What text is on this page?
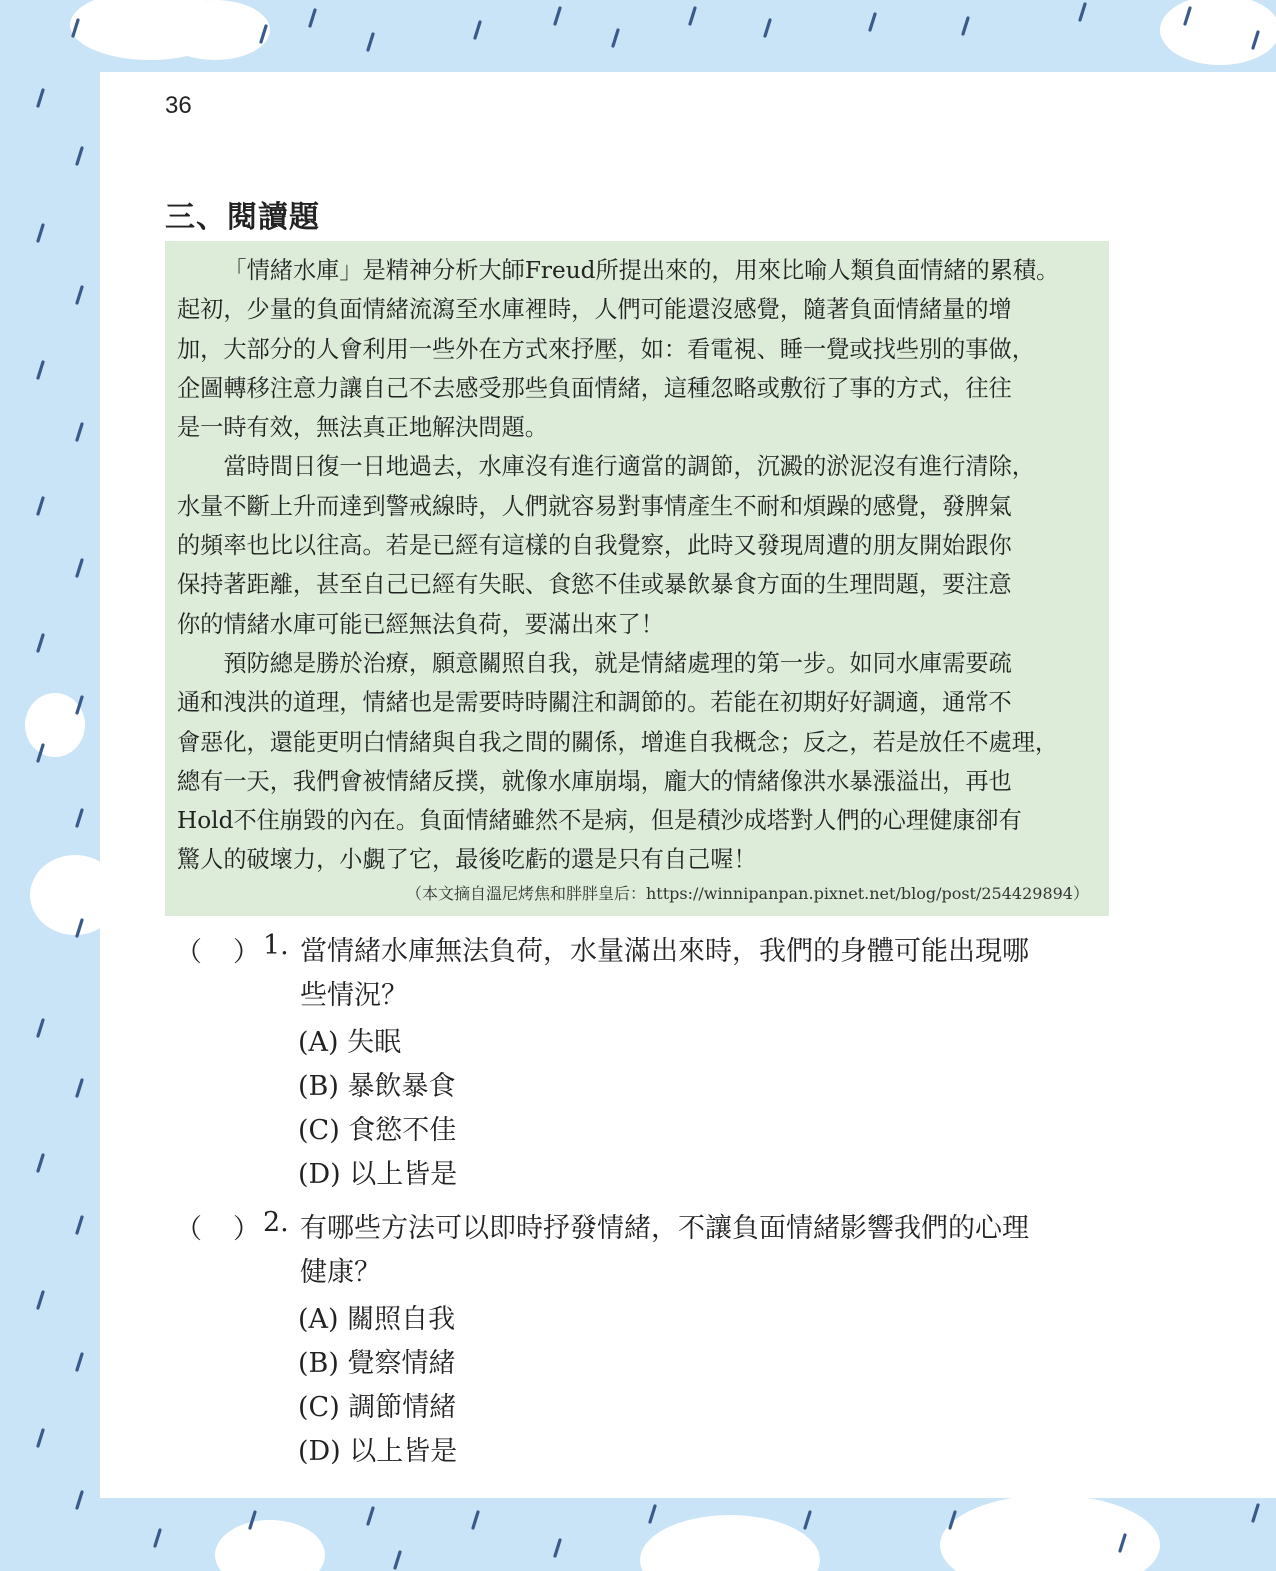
36
三、閱讀題

「情緒水庫」是精神分析大師Freud所提出來的，用來比喻人類負面情緒的累積。
起初，少量的負面情緒流瀉至水庫裡時，人們可能還沒感覺，隨著負面情緒量的增
加，大部分的人會利用一些外在方式來抒壓，如：看電視、睡一覺或找些別的事做，
企圖轉移注意力讓自己不去感受那些負面情緒，這種忽略或敷衍了事的方式，往往
是一時有效，無法真正地解決問題。

當時間日復一日地過去，水庫沒有進行適當的調節，沉澱的淤泥沒有進行清除，
水量不斷上升而達到警戒線時，人們就容易對事情產生不耐和煩躁的感覺，發脾氣
的頻率也比以往高。若是已經有這樣的自我覺察，此時又發現周遭的朋友開始跟你
保持著距離，甚至自己已經有失眠、食慾不佳或暴飲暴食方面的生理問題，要注意
你的情緒水庫可能已經無法負荷，要滿出來了！

預防總是勝於治療，願意關照自我，就是情緒處理的第一步。如同水庫需要疏
通和洩洪的道理，情緒也是需要時時關注和調節的。若能在初期好好調適，通常不
會惡化，還能更明白情緒與自我之間的關係，增進自我概念；反之，若是放任不處理，
總有一天，我們會被情緒反撲，就像水庫崩塌，龐大的情緒像洪水暴漲溢出，再也
Hold不住崩毀的內在。負面情緒雖然不是病，但是積沙成塔對人們的心理健康卻有
驚人的破壞力，小覷了它，最後吃虧的還是只有自己喔！

（本文摘自溫尼烤焦和胖胖皇后：https://winnipanpan.pixnet.net/blog/post/254429894）
（ ） 1. 當情緒水庫無法負荷，水量滿出來時，我們的身體可能出現哪
些情況？
(A) 失眠
(B) 暴飲暴食
(C) 食慾不佳
(D) 以上皆是
（ ） 2. 有哪些方法可以即時抒發情緒，不讓負面情緒影響我們的心理
健康？
(A) 關照自我
(B) 覺察情緒
(C) 調節情緒
(D) 以上皆是
